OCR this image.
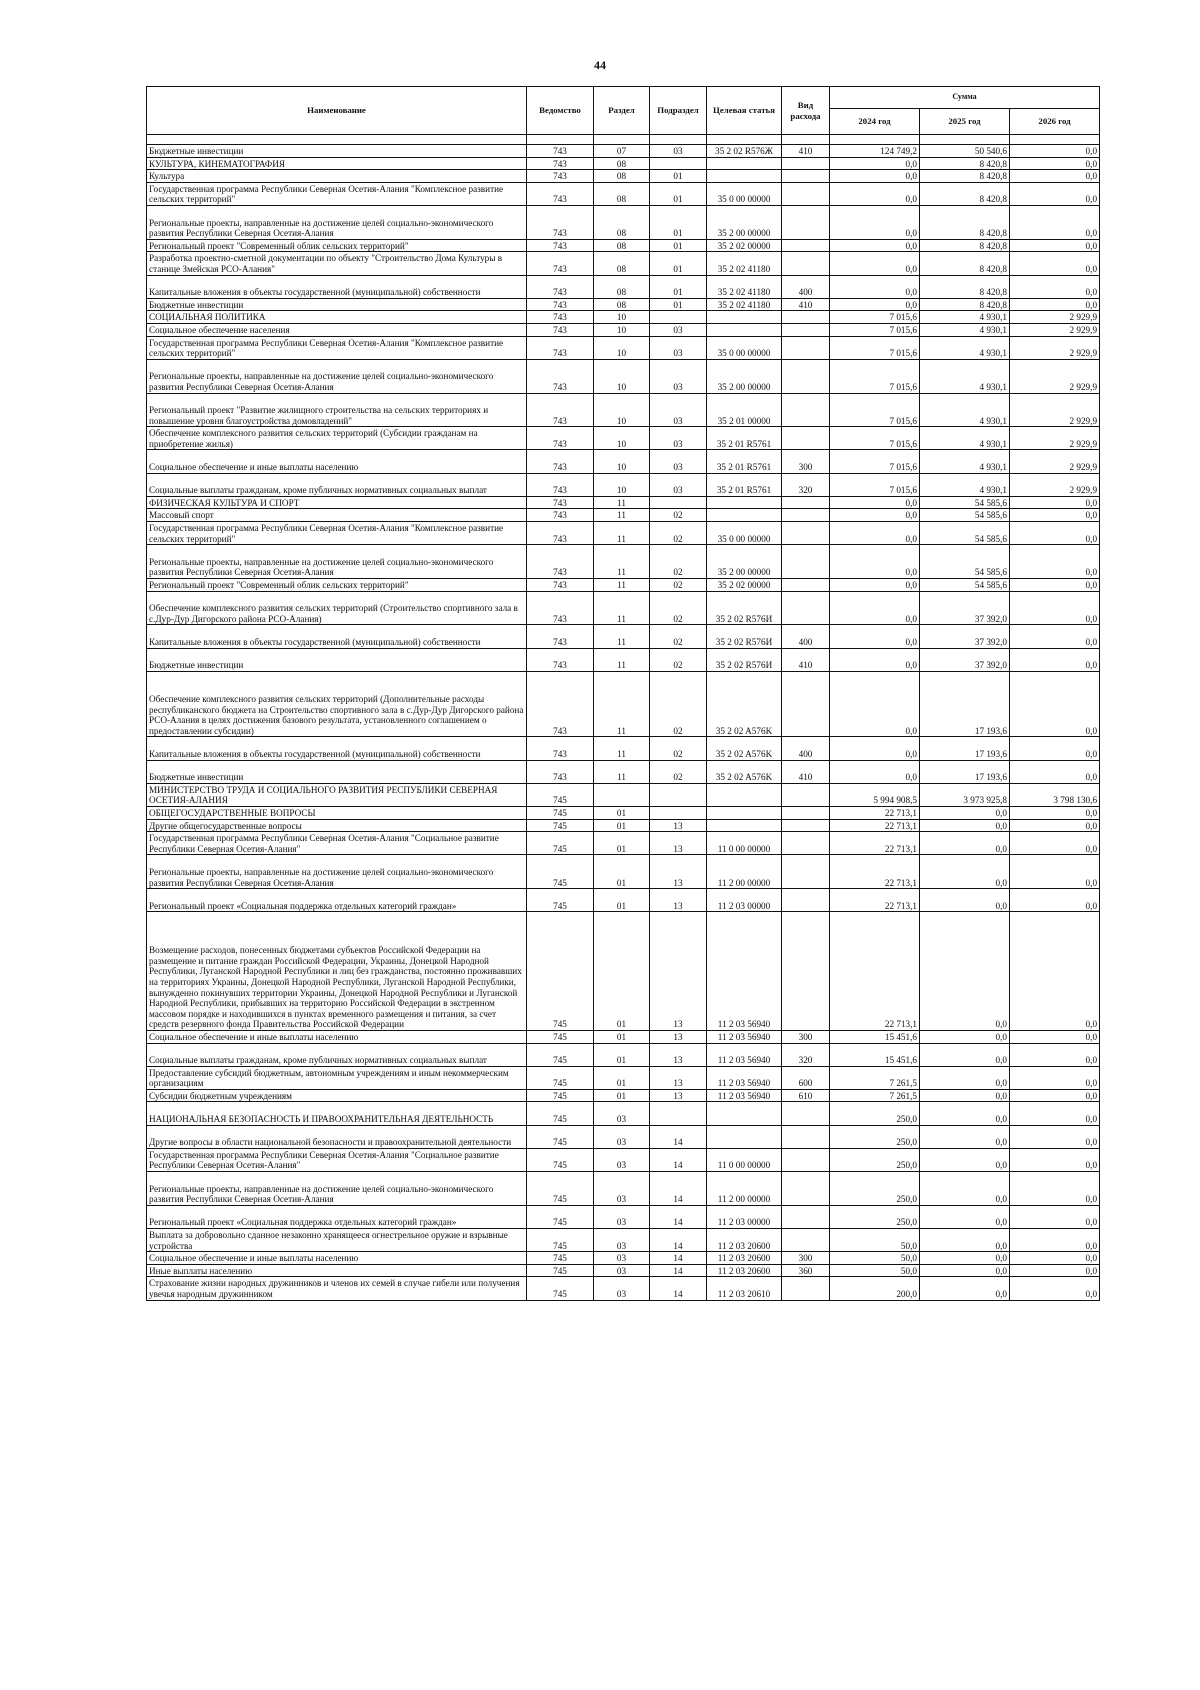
44
Наименование	Ведомство	Раздел	Подраздел	Целевая статья	Вид расхода	Сумма		
						2024 год	2025 год	2026 год

Бюджетные инвестиции	743	07	03	35 2 02 R576Ж	410	124 749,2	50 540,6	0,0
КУЛЬТУРА, КИНЕМАТОГРАФИЯ	743	08				0,0	8 420,8	0,0
Культура	743	08	01			0,0	8 420,8	0,0
Государственная программа Республики Северная Осетия-Алания "Комплексное развитие сельских территорий"	743	08	01	35 0 00 00000		0,0	8 420,8	0,0
Региональные проекты, направленные на достижение целей социально-экономического развития Республики Северная Осетия-Алания	743	08	01	35 2 00 00000		0,0	8 420,8	0,0
Региональный проект "Современный облик сельских территорий"	743	08	01	35 2 02 00000		0,0	8 420,8	0,0
Разработка проектно-сметной документации по объекту "Строительство Дома Культуры в станице Змейская РСО-Алания"	743	08	01	35 2 02 41180		0,0	8 420,8	0,0
Капитальные вложения в объекты государственной (муниципальной) собственности	743	08	01	35 2 02 41180	400	0,0	8 420,8	0,0
Бюджетные инвестиции	743	08	01	35 2 02 41180	410	0,0	8 420,8	0,0
СОЦИАЛЬНАЯ ПОЛИТИКА	743	10				7 015,6	4 930,1	2 929,9
Социальное обеспечение населения	743	10	03			7 015,6	4 930,1	2 929,9
Государственная программа Республики Северная Осетия-Алания "Комплексное развитие сельских территорий"	743	10	03	35 0 00 00000		7 015,6	4 930,1	2 929,9
Региональные проекты, направленные на достижение целей социально-экономического развития Республики Северная Осетия-Алания	743	10	03	35 2 00 00000		7 015,6	4 930,1	2 929,9
Региональный проект "Развитие жилищного строительства на сельских территориях и повышение уровня благоустройства домовладений"	743	10	03	35 2 01 00000		7 015,6	4 930,1	2 929,9
Обеспечение комплексного развития сельских территорий (Субсидии гражданам на приобретение жилья)	743	10	03	35 2 01 R5761		7 015,6	4 930,1	2 929,9
Социальное обеспечение и иные выплаты населению	743	10	03	35 2 01 R5761	300	7 015,6	4 930,1	2 929,9
Социальные выплаты гражданам, кроме публичных нормативных социальных выплат	743	10	03	35 2 01 R5761	320	7 015,6	4 930,1	2 929,9
ФИЗИЧЕСКАЯ КУЛЬТУРА И СПОРТ	743	11				0,0	54 585,6	0,0
Массовый спорт	743	11	02			0,0	54 585,6	0,0
Государственная программа Республики Северная Осетия-Алания "Комплексное развитие сельских территорий"	743	11	02	35 0 00 00000		0,0	54 585,6	0,0
Региональные проекты, направленные на достижение целей социально-экономического развития Республики Северная Осетия-Алания	743	11	02	35 2 00 00000		0,0	54 585,6	0,0
Региональный проект "Современный облик сельских территорий"	743	11	02	35 2 02 00000		0,0	54 585,6	0,0
Обеспечение комплексного развития сельских территорий (Строительство спортивного зала в с.Дур-Дур Дигорского района РСО-Алания)	743	11	02	35 2 02 R576И		0,0	37 392,0	0,0
Капитальные вложения в объекты государственной (муниципальной) собственности	743	11	02	35 2 02 R576И	400	0,0	37 392,0	0,0
Бюджетные инвестиции	743	11	02	35 2 02 R576И	410	0,0	37 392,0	0,0
Обеспечение комплексного развития сельских территорий (Дополнительные расходы республиканского бюджета на Строительство спортивного зала в с.Дур-Дур Дигорского района РСО-Алания в целях достижения базового результата, установленного соглашением о предоставлении субсидии)	743	11	02	35 2 02 A576K		0,0	17 193,6	0,0
Капитальные вложения в объекты государственной (муниципальной) собственности	743	11	02	35 2 02 A576K	400	0,0	17 193,6	0,0
Бюджетные инвестиции	743	11	02	35 2 02 A576K	410	0,0	17 193,6	0,0
МИНИСТЕРСТВО ТРУДА И СОЦИАЛЬНОГО РАЗВИТИЯ РЕСПУБЛИКИ СЕВЕРНАЯ ОСЕТИЯ-АЛАНИЯ	745					5 994 908,5	3 973 925,8	3 798 130,6
ОБЩЕГОСУДАРСТВЕННЫЕ ВОПРОСЫ	745	01				22 713,1	0,0	0,0
Другие общегосударственные вопросы	745	01	13			22 713,1	0,0	0,0
Государственная программа Республики Северная Осетия-Алания "Социальное развитие Республики Северная Осетия-Алания"	745	01	13	11 0 00 00000		22 713,1	0,0	0,0
Региональные проекты, направленные на достижение целей социально-экономического развития Республики Северная Осетия-Алания	745	01	13	11 2 00 00000		22 713,1	0,0	0,0
Региональный проект «Социальная поддержка отдельных категорий граждан»	745	01	13	11 2 03 00000		22 713,1	0,0	0,0
Возмещение расходов, понесенных бюджетами субъектов Российской Федерации на размещение и питание граждан Российской Федерации, Украины, Донецкой Народной Республики, Луганской Народной Республики и лиц без гражданства, постоянно проживавших на территориях Украины, Донецкой Народной Республики, Луганской Народной Республики, вынужденно покинувших территории Украины, Донецкой Народной Республики и Луганской Народной Республики, прибывших на территорию Российской Федерации в экстренном массовом порядке и находившихся в пунктах временного размещения и питания, за счет средств резервного фонда Правительства Российской Федерации	745	01	13	11 2 03 56940		22 713,1	0,0	0,0
Социальное обеспечение и иные выплаты населению	745	01	13	11 2 03 56940	300	15 451,6	0,0	0,0
Социальные выплаты гражданам, кроме публичных нормативных социальных выплат	745	01	13	11 2 03 56940	320	15 451,6	0,0	0,0
Предоставление субсидий бюджетным, автономным учреждениям и иным некоммерческим организациям	745	01	13	11 2 03 56940	600	7 261,5	0,0	0,0
Субсидии бюджетным учреждениям	745	01	13	11 2 03 56940	610	7 261,5	0,0	0,0
НАЦИОНАЛЬНАЯ БЕЗОПАСНОСТЬ И ПРАВООХРАНИТЕЛЬНАЯ ДЕЯТЕЛЬНОСТЬ	745	03				250,0	0,0	0,0
Другие вопросы в области национальной безопасности и правоохранительной деятельности	745	03	14			250,0	0,0	0,0
Государственная программа Республики Северная Осетия-Алания "Социальное развитие Республики Северная Осетия-Алания"	745	03	14	11 0 00 00000		250,0	0,0	0,0
Региональные проекты, направленные на достижение целей социально-экономического развития Республики Северная Осетия-Алания	745	03	14	11 2 00 00000		250,0	0,0	0,0
Региональный проект «Социальная поддержка отдельных категорий граждан»	745	03	14	11 2 03 00000		250,0	0,0	0,0
Выплата за добровольно сданное незаконно хранящееся огнестрельное оружие и взрывные устройства	745	03	14	11 2 03 20600		50,0	0,0	0,0
Социальное обеспечение и иные выплаты населению	745	03	14	11 2 03 20600	300	50,0	0,0	0,0
Иные выплаты населению	745	03	14	11 2 03 20600	360	50,0	0,0	0,0
Страхование жизни народных дружинников и членов их семей в случае гибели или получения увечья народным дружинником	745	03	14	11 2 03 20610		200,0	0,0	0,0
